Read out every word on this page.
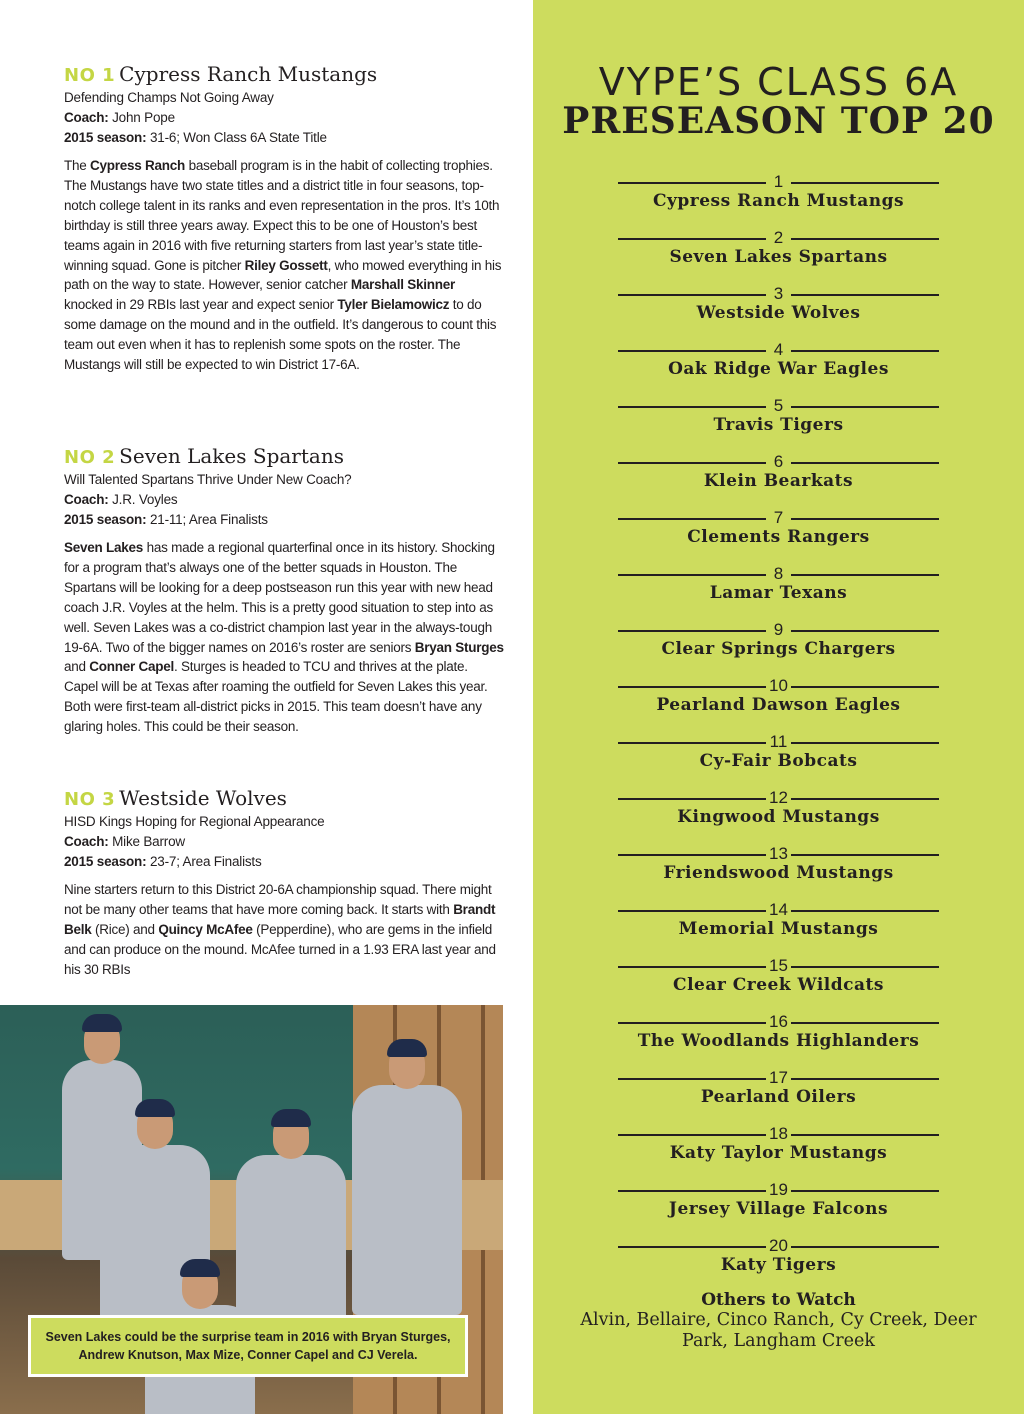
NO 1 Cypress Ranch Mustangs
Defending Champs Not Going Away
Coach: John Pope
2015 season: 31-6; Won Class 6A State Title
The Cypress Ranch baseball program is in the habit of collecting trophies. The Mustangs have two state titles and a district title in four seasons, top-notch college talent in its ranks and even representation in the pros. It’s 10th birthday is still three years away. Expect this to be one of Houston’s best teams again in 2016 with five returning starters from last year’s state title-winning squad. Gone is pitcher Riley Gossett, who mowed everything in his path on the way to state. However, senior catcher Marshall Skinner knocked in 29 RBIs last year and expect senior Tyler Bielamowicz to do some damage on the mound and in the outfield. It’s dangerous to count this team out even when it has to replenish some spots on the roster. The Mustangs will still be expected to win District 17-6A.
NO 2 Seven Lakes Spartans
Will Talented Spartans Thrive Under New Coach?
Coach: J.R. Voyles
2015 season: 21-11; Area Finalists
Seven Lakes has made a regional quarterfinal once in its history. Shocking for a program that’s always one of the better squads in Houston. The Spartans will be looking for a deep postseason run this year with new head coach J.R. Voyles at the helm. This is a pretty good situation to step into as well. Seven Lakes was a co-district champion last year in the always-tough 19-6A. Two of the bigger names on 2016’s roster are seniors Bryan Sturges and Conner Capel. Sturges is headed to TCU and thrives at the plate. Capel will be at Texas after roaming the outfield for Seven Lakes this year. Both were first-team all-district picks in 2015. This team doesn’t have any glaring holes. This could be their season.
NO 3 Westside Wolves
HISD Kings Hoping for Regional Appearance
Coach: Mike Barrow
2015 season: 23-7; Area Finalists
Nine starters return to this District 20-6A championship squad. There might not be many other teams that have more coming back. It starts with Brandt Belk (Rice) and Quincy McAfee (Pepperdine), who are gems in the infield and can produce on the mound. McAfee turned in a 1.93 ERA last year and his 30 RBIs
Seven Lakes could be the surprise team in 2016 with Bryan Sturges, Andrew Knutson, Max Mize, Conner Capel and CJ Verela.
VYPE’S CLASS 6A
PRESEASON TOP 20
1
Cypress Ranch Mustangs
2
Seven Lakes Spartans
3
Westside Wolves
4
Oak Ridge War Eagles
5
Travis Tigers
6
Klein Bearkats
7
Clements Rangers
8
Lamar Texans
9
Clear Springs Chargers
10
Pearland Dawson Eagles
11
Cy-Fair Bobcats
12
Kingwood Mustangs
13
Friendswood Mustangs
14
Memorial Mustangs
15
Clear Creek Wildcats
16
The Woodlands Highlanders
17
Pearland Oilers
18
Katy Taylor Mustangs
19
Jersey Village Falcons
20
Katy Tigers
Others to Watch
Alvin, Bellaire, Cinco Ranch, Cy Creek, Deer Park, Langham Creek
